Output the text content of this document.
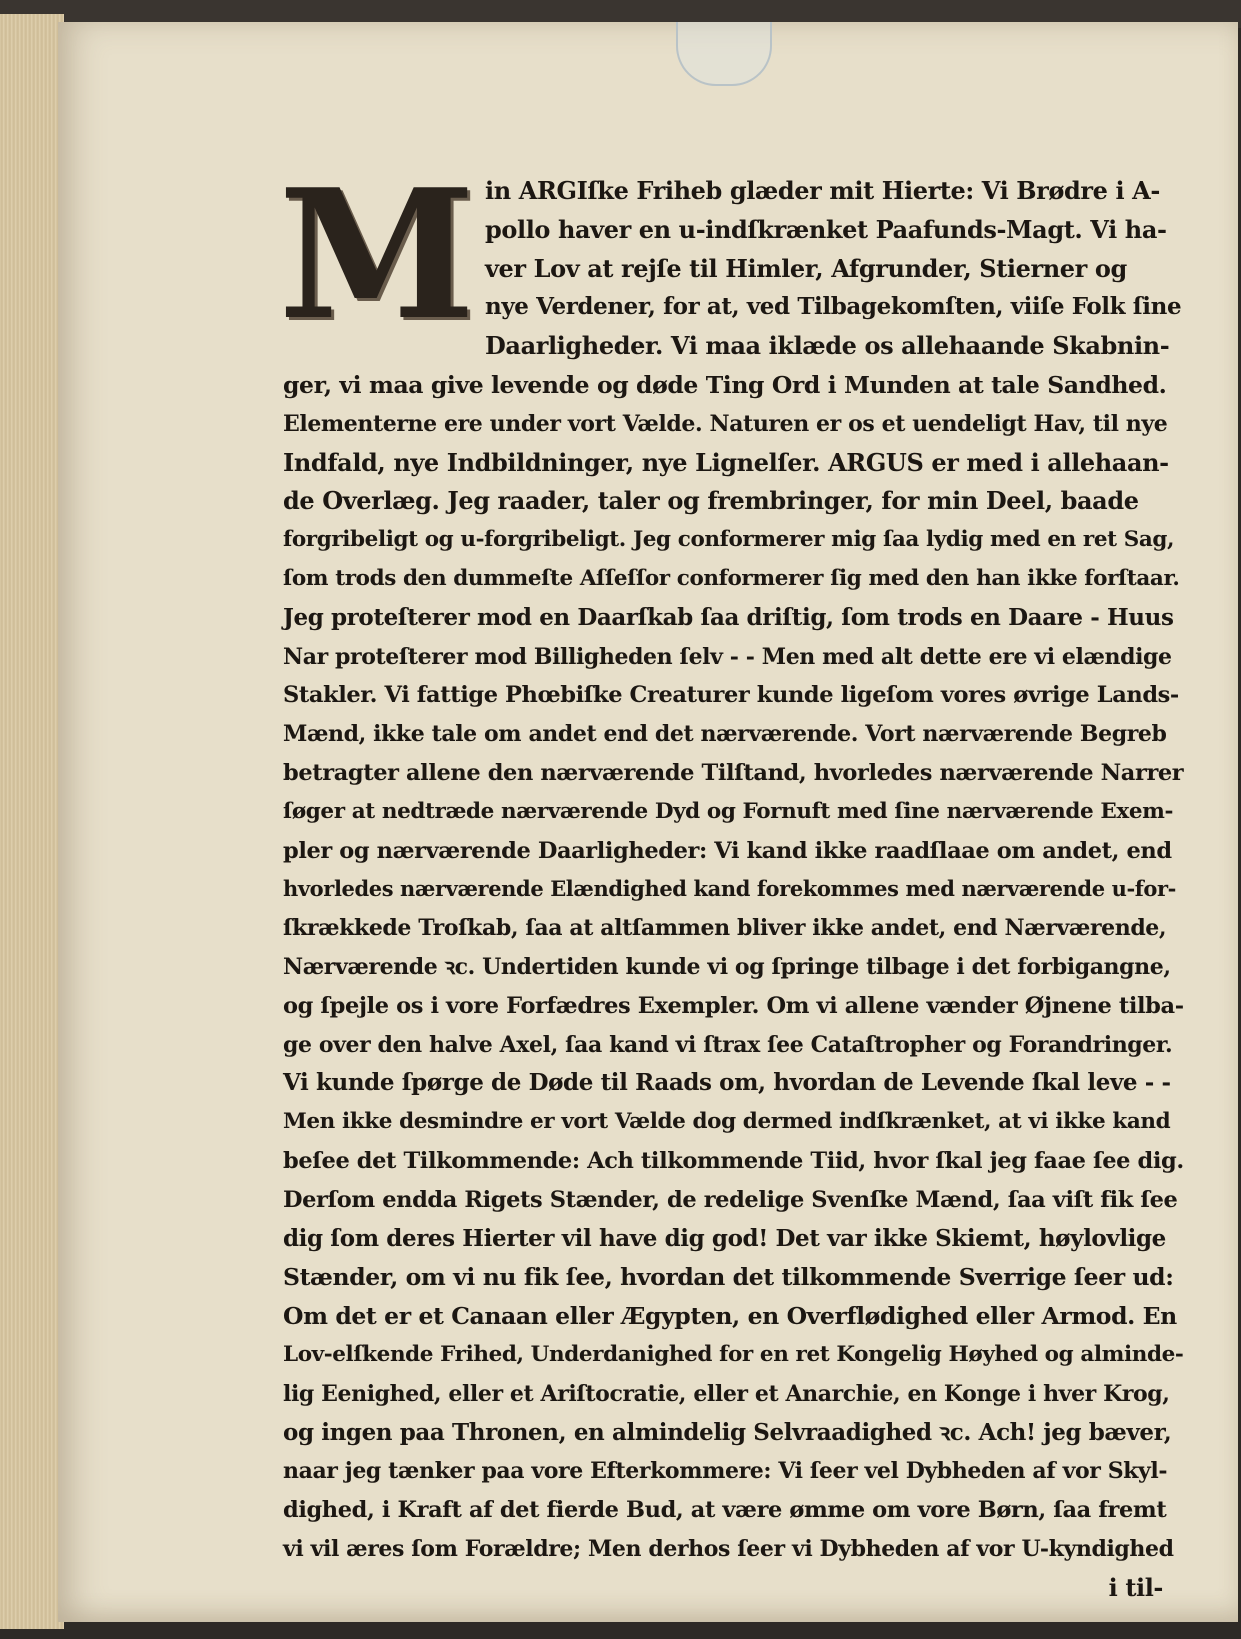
M in ARGIſke Friheb glæder mit Hierte: Vi Brødre i A-
pollo haver en u-indſkrænket Paafunds-Magt. Vi ha-
ver Lov at rejſe til Himler, Afgrunder, Stierner og
nye Verdener, for at, ved Tilbagekomſten, viiſe Folk ſine
Daarligheder. Vi maa iklæde os allehaande Skabnin-
ger, vi maa give levende og døde Ting Ord i Munden at tale Sandhed.
Elementerne ere under vort Vælde. Naturen er os et uendeligt Hav, til nye
Indfald, nye Indbildninger, nye Lignelſer. ARGUS er med i allehaan-
de Overlæg. Jeg raader, taler og frembringer, for min Deel, baade
forgribeligt og u-forgribeligt. Jeg conformerer mig ſaa lydig med en ret Sag,
ſom trods den dummeſte Aſſeſſor conformerer ſig med den han ikke forſtaar.
Jeg proteſterer mod en Daarſkab ſaa driſtig, ſom trods en Daare - Huus
Nar proteſterer mod Billigheden ſelv - - Men med alt dette ere vi elændige
Stakler. Vi fattige Phœbiſke Creaturer kunde ligeſom vores øvrige Lands-
Mænd, ikke tale om andet end det nærværende. Vort nærværende Begreb
betragter allene den nærværende Tilſtand, hvorledes nærværende Narrer
ſøger at nedtræde nærværende Dyd og Fornuft med ſine nærværende Exem-
pler og nærværende Daarligheder: Vi kand ikke raadſlaae om andet, end
hvorledes nærværende Elændighed kand forekommes med nærværende u-for-
ſkrækkede Troſkab, ſaa at altſammen bliver ikke andet, end Nærværende,
Nærværende ꝛc. Undertiden kunde vi og ſpringe tilbage i det forbigangne,
og ſpejle os i vore Forfædres Exempler. Om vi allene vænder Øjnene tilba-
ge over den halve Axel, ſaa kand vi ſtrax ſee Cataſtropher og Forandringer.
Vi kunde ſpørge de Døde til Raads om, hvordan de Levende ſkal leve - -
Men ikke desmindre er vort Vælde dog dermed indſkrænket, at vi ikke kand
beſee det Tilkommende: Ach tilkommende Tiid, hvor ſkal jeg faae ſee dig.
Derſom endda Rigets Stænder, de redelige Svenſke Mænd, ſaa viſt fik ſee
dig ſom deres Hierter vil have dig god! Det var ikke Skiemt, høylovlige
Stænder, om vi nu fik ſee, hvordan det tilkommende Sverrige ſeer ud:
Om det er et Canaan eller Ægypten, en Overflødighed eller Armod. En
Lov-elſkende Frihed, Underdanighed for en ret Kongelig Høyhed og alminde-
lig Eenighed, eller et Ariſtocratie, eller et Anarchie, en Konge i hver Krog,
og ingen paa Thronen, en almindelig Selvraadighed ꝛc. Ach! jeg bæver,
naar jeg tænker paa vore Efterkommere: Vi ſeer vel Dybheden af vor Skyl-
dighed, i Kraft af det fierde Bud, at være ømme om vore Børn, ſaa fremt
vi vil æres ſom Forældre; Men derhos ſeer vi Dybheden af vor U-kyndighed
i til-
